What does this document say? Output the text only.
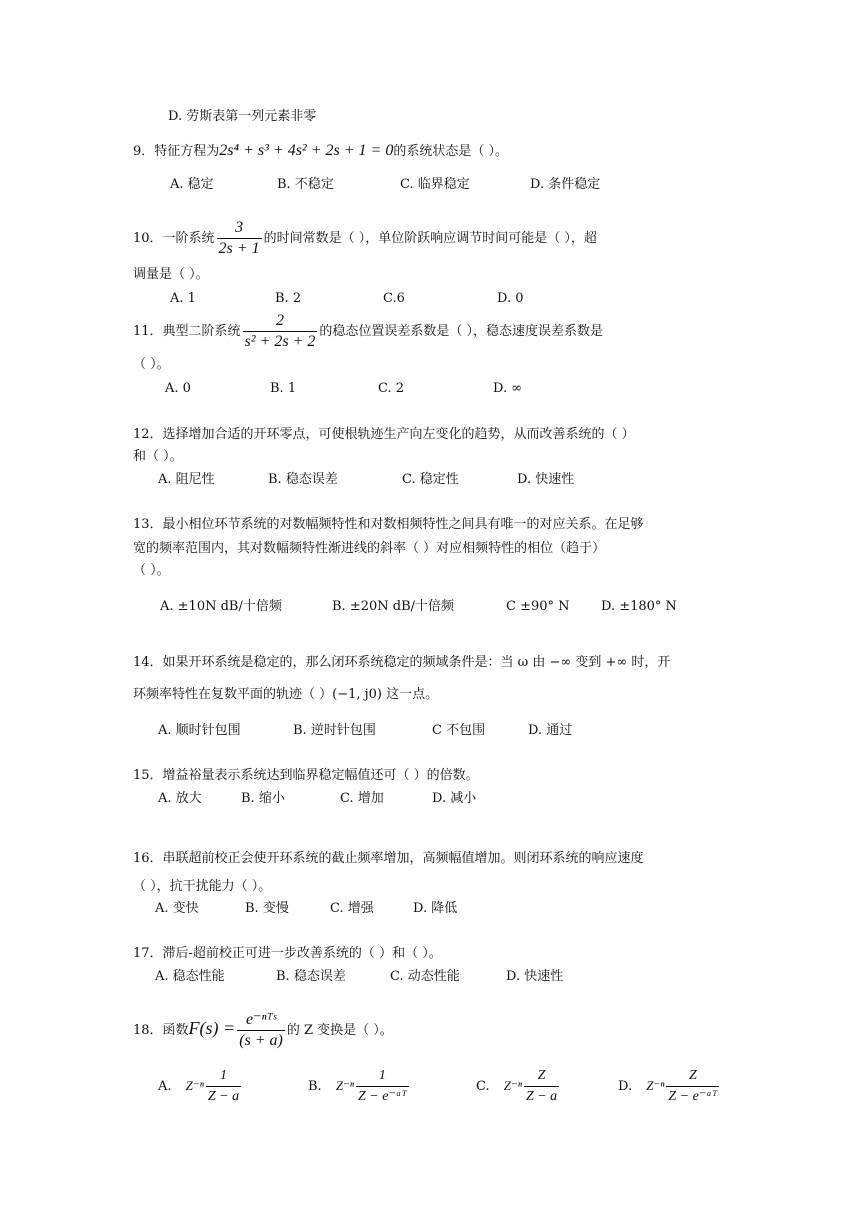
D. 劳斯表第一列元素非零
9．特征方程为2s⁴ + s³ + 4s² + 2s + 1 = 0的系统状态是（ ）。
A. 稳定	B. 不稳定	C. 临界稳定	D. 条件稳定
10．一阶系统 $\frac{3}{2s + 1}$ 的时间常数是（ ），单位阶跃响应调节时间可能是（ ），超
调量是（ ）。
A. 1	B. 2	C.6	D. 0
11．典型二阶系统 $\frac{2}{\text{s² + 2s + 2}}$ 的稳态位置误差系数是（ ），稳态速度误差系数是
（ ）。
A. 0	B. 1	C. 2	D. ∞
12．选择增加合适的开环零点，可使根轨迹生产向左变化的趋势，从而改善系统的（ ）
和（ ）。
A. 阻尼性	B. 稳态误差	C. 稳定性	D. 快速性
13．最小相位环节系统的对数幅频特性和对数相频特性之间具有唯一的对应关系。在足够
宽的频率范围内，其对数幅频特性渐进线的斜率（ ）对应相频特性的相位（趋于）
（ ）。
A. ±10N dB/十倍频	B. ±20N dB/十倍频	C ±90° N D. ±180° N
14．如果开环系统是稳定的，那么闭环系统稳定的频域条件是：当 ω 由 −∞ 变到 +∞ 时，开
环频率特性在复数平面的轨迹（ ）(−1, j0) 这一点。
A. 顺时针包围	B. 逆时针包围	C 不包围	D. 通过
15．增益裕量表示系统达到临界稳定幅值还可（ ）的倍数。
A. 放大	B. 缩小	C. 增加	D. 减小
16．串联超前校正会使开环系统的截止频率增加，高频幅值增加。则闭环系统的响应速度
（ ），抗干扰能力（ ）。
A. 变快	B. 变慢	C. 增强	D. 降低
17．滞后-超前校正可进一步改善系统的（ ）和（ ）。
A. 稳态性能	B. 稳态误差	C. 动态性能	D. 快速性
18．函数$F(s) = \frac{\text{e⁻ⁿᵀˢ}}{(s + a)}$ 的 Z 变换是（ ）。
A. $Z^{-n} \frac{1}{Z - a}$	B. $Z^{-n} \frac{1}{\text{Z − e⁻ᵃᵀ}}$	C. $Z^{-n} \frac{Z}{Z - a}$	D. $Z^{-n} \frac{Z}{\text{Z − e⁻ᵃᵀ}}$
